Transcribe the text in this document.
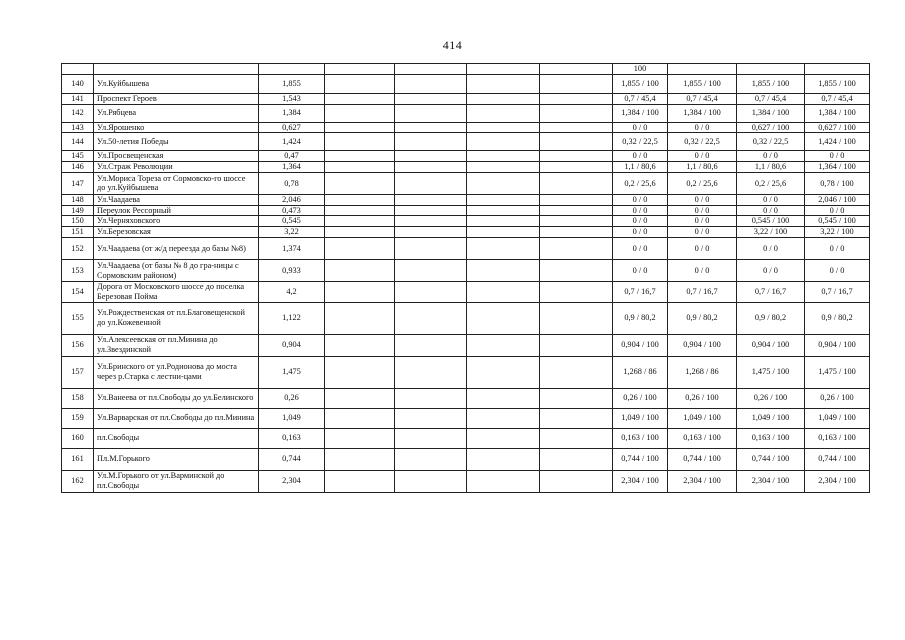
414
							100			
140	Ул.Куйбышева	1,855					1,855 / 100	1,855 / 100	1,855 / 100	1,855 / 100
141	Проспект Героев	1,543					0,7 / 45,4	0,7 / 45,4	0,7 / 45,4	0,7 / 45,4
142	Ул.Рябцева	1,384					1,384 / 100	1,384 / 100	1,384 / 100	1,384 / 100
143	Ул.Ярошенко	0,627					0 / 0	0 / 0	0,627 / 100	0,627 / 100
144	Ул.50-летия Победы	1,424					0,32 / 22,5	0,32 / 22,5	0,32 / 22,5	1,424 / 100
145	Ул.Просвещенская	0,47					0 / 0	0 / 0	0 / 0	0 / 0
146	Ул.Страж Революции	1,364					1,1 / 80,6	1,1 / 80,6	1,1 / 80,6	1,364 / 100
147	Ул.Мориса Тореза от Сормовско-го шоссе до ул.Куйбышева	0,78					0,2 / 25,6	0,2 / 25,6	0,2 / 25,6	0,78 / 100
148	Ул.Чаадаева	2,046					0 / 0	0 / 0	0 / 0	2,046 / 100
149	Переулок Рессорный	0,473					0 / 0	0 / 0	0 / 0	0 / 0
150	Ул.Черняховского	0,545					0 / 0	0 / 0	0,545 / 100	0,545 / 100
151	Ул.Березовская	3,22					0 / 0	0 / 0	3,22 / 100	3,22 / 100
152	Ул.Чаадаева (от ж/д переезда до базы №8)	1,374					0 / 0	0 / 0	0 / 0	0 / 0
153	Ул.Чаадаева (от базы № 8 до гра-ницы с Сормовским районом)	0,933					0 / 0	0 / 0	0 / 0	0 / 0
154	Дорога от Московского шоссе до поселка Березовая Пойма	4,2					0,7 / 16,7	0,7 / 16,7	0,7 / 16,7	0,7 / 16,7
155	Ул.Рождественская от пл.Благовещенской до ул.Кожевенной	1,122					0,9 / 80,2	0,9 / 80,2	0,9 / 80,2	0,9 / 80,2
156	Ул.Алексеевская от пл.Минина до ул.Звездинской	0,904					0,904 / 100	0,904 / 100	0,904 / 100	0,904 / 100
157	Ул.Бринского от ул.Родионова до моста через р.Старка с лестни-цами	1,475					1,268 / 86	1,268 / 86	1,475 / 100	1,475 / 100
158	Ул.Ванеева от пл.Свободы до ул.Белинского	0,26					0,26 / 100	0,26 / 100	0,26 / 100	0,26 / 100
159	Ул.Варварская от пл.Свободы до пл.Минина	1,049					1,049 / 100	1,049 / 100	1,049 / 100	1,049 / 100
160	пл.Свободы	0,163					0,163 / 100	0,163 / 100	0,163 / 100	0,163 / 100
161	Пл.М.Горького	0,744					0,744 / 100	0,744 / 100	0,744 / 100	0,744 / 100
162	Ул.М.Горького от ул.Варминской до пл.Свободы	2,304					2,304 / 100	2,304 / 100	2,304 / 100	2,304 / 100
